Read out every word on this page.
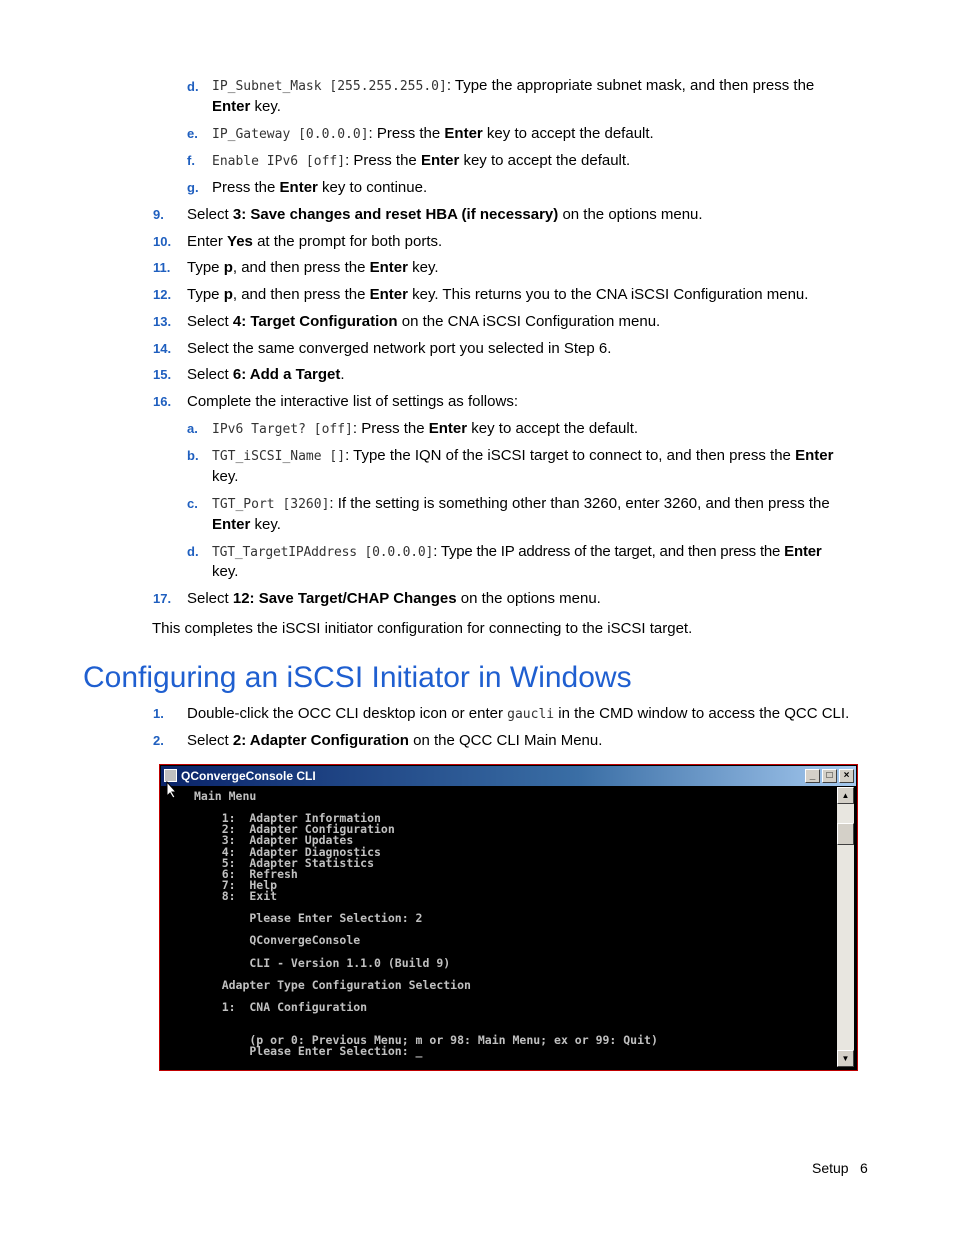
d. IP_Subnet_Mask [255.255.255.0]: Type the appropriate subnet mask, and then press the
Enter key.
e. IP_Gateway [0.0.0.0]: Press the Enter key to accept the default.
f. Enable IPv6 [off]: Press the Enter key to accept the default.
g. Press the Enter key to continue.
9. Select 3: Save changes and reset HBA (if necessary) on the options menu.
10. Enter Yes at the prompt for both ports.
11. Type p, and then press the Enter key.
12. Type p, and then press the Enter key. This returns you to the CNA iSCSI Configuration menu.
13. Select 4: Target Configuration on the CNA iSCSI Configuration menu.
14. Select the same converged network port you selected in Step 6.
15. Select 6: Add a Target.
16. Complete the interactive list of settings as follows:
a. IPv6 Target? [off]: Press the Enter key to accept the default.
b. TGT_iSCSI_Name []: Type the IQN of the iSCSI target to connect to, and then press the Enter
key.
c. TGT_Port [3260]: If the setting is something other than 3260, enter 3260, and then press the
Enter key.
d. TGT_TargetIPAddress [0.0.0.0]: Type the IP address of the target, and then press the Enter
key.
17. Select 12: Save Target/CHAP Changes on the options menu.
This completes the iSCSI initiator configuration for connecting to the iSCSI target.
Configuring an iSCSI Initiator in Windows
1. Double-click the OCC CLI desktop icon or enter gaucli in the CMD window to access the QCC CLI.
2. Select 2: Adapter Configuration on the QCC CLI Main Menu.
QConvergeConsole CLI	_	□	×
Main Menu
1:  Adapter Information
2:  Adapter Configuration
3:  Adapter Updates
4:  Adapter Diagnostics
5:  Adapter Statistics
6:  Refresh
7:  Help
8:  Exit
Please Enter Selection: 2
QConvergeConsole
CLI - Version 1.1.0 (Build 9)
Adapter Type Configuration Selection
1:  CNA Configuration
(p or 0: Previous Menu; m or 98: Main Menu; ex or 99: Quit)
Please Enter Selection: _
▲
▼
Setup 6
